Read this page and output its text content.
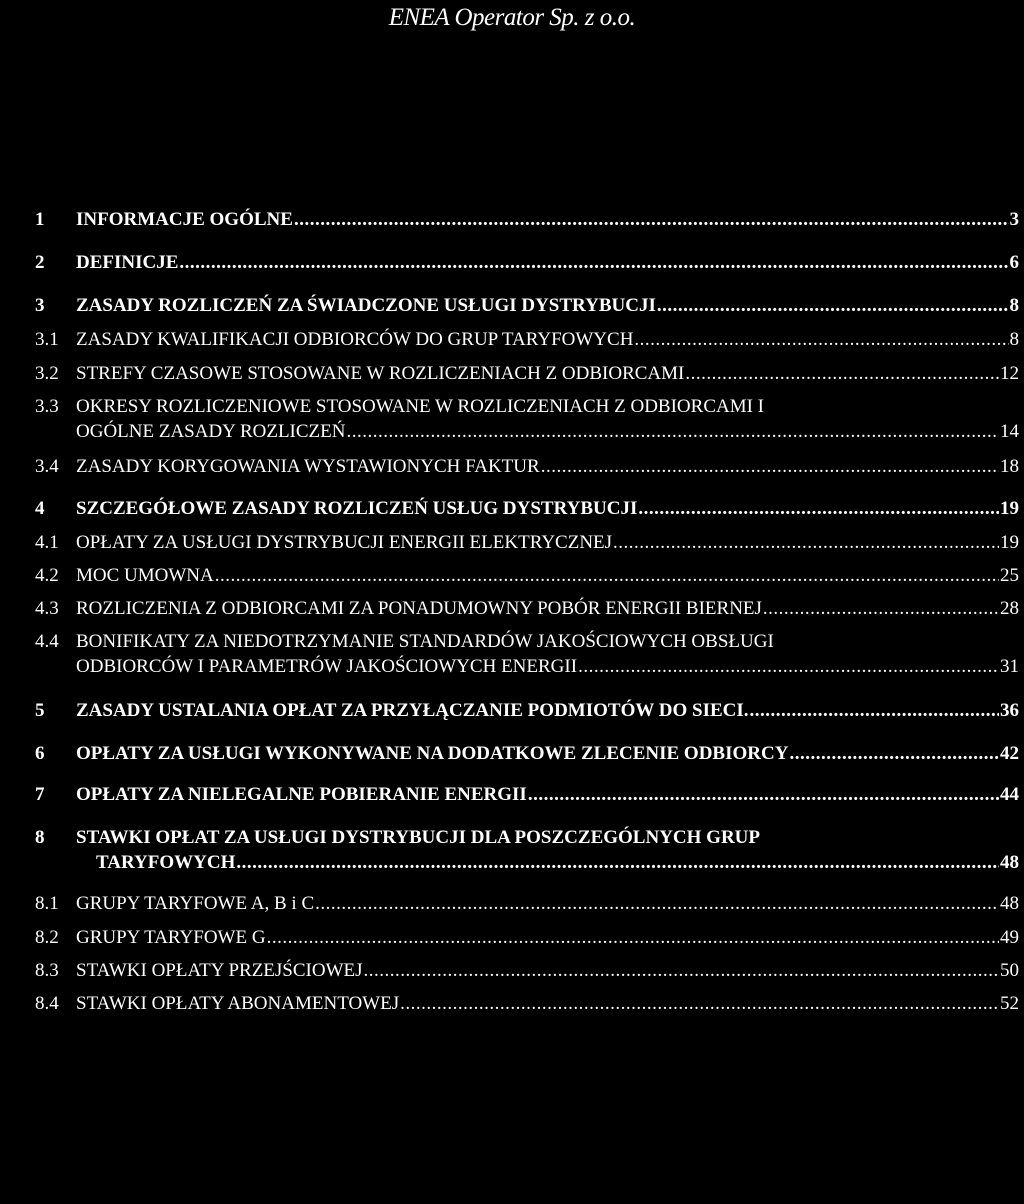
ENEA Operator Sp. z o.o.
1 INFORMACJE OGÓLNE .....	3
2 DEFINICJE .....	6
3 ZASADY ROZLICZEŃ ZA ŚWIADCZONE USŁUGI DYSTRYBUCJI .....	8
3.1 ZASADY KWALIFIKACJI ODBIORCÓW DO GRUP TARYFOWYCH .....	8
3.2 STREFY CZASOWE STOSOWANE W ROZLICZENIACH Z ODBIORCAMI .....	12
3.3 OKRESY ROZLICZENIOWE STOSOWANE W ROZLICZENIACH Z ODBIORCAMI I
OGÓLNE ZASADY ROZLICZEŃ .....	14
3.4 ZASADY KORYGOWANIA WYSTAWIONYCH FAKTUR .....	18
4 SZCZEGÓŁOWE ZASADY ROZLICZEŃ USŁUG DYSTRYBUCJI .....	19
4.1 OPŁATY ZA USŁUGI DYSTRYBUCJI ENERGII ELEKTRYCZNEJ .....	19
4.2 MOC UMOWNA .....	25
4.3 ROZLICZENIA Z ODBIORCAMI ZA PONADUMOWNY POBÓR ENERGII BIERNEJ .....	28
4.4 BONIFIKATY ZA NIEDOTRZYMANIE STANDARDÓW JAKOŚCIOWYCH OBSŁUGI
ODBIORCÓW I PARAMETRÓW JAKOŚCIOWYCH ENERGII .....	31
5 ZASADY USTALANIA OPŁAT ZA PRZYŁĄCZANIE PODMIOTÓW DO SIECI. .....	36
6 OPŁATY ZA USŁUGI WYKONYWANE NA DODATKOWE ZLECENIE ODBIORCY .....	42
7 OPŁATY ZA NIELEGALNE POBIERANIE ENERGII .....	44
8 STAWKI OPŁAT ZA USŁUGI DYSTRYBUCJI DLA POSZCZEGÓLNYCH GRUP
TARYFOWYCH .....	48
8.1 GRUPY TARYFOWE A, B i C .....	48
8.2 GRUPY TARYFOWE G .....	49
8.3 STAWKI OPŁATY PRZEJŚCIOWEJ .....	50
8.4 STAWKI OPŁATY ABONAMENTOWEJ .....	52
